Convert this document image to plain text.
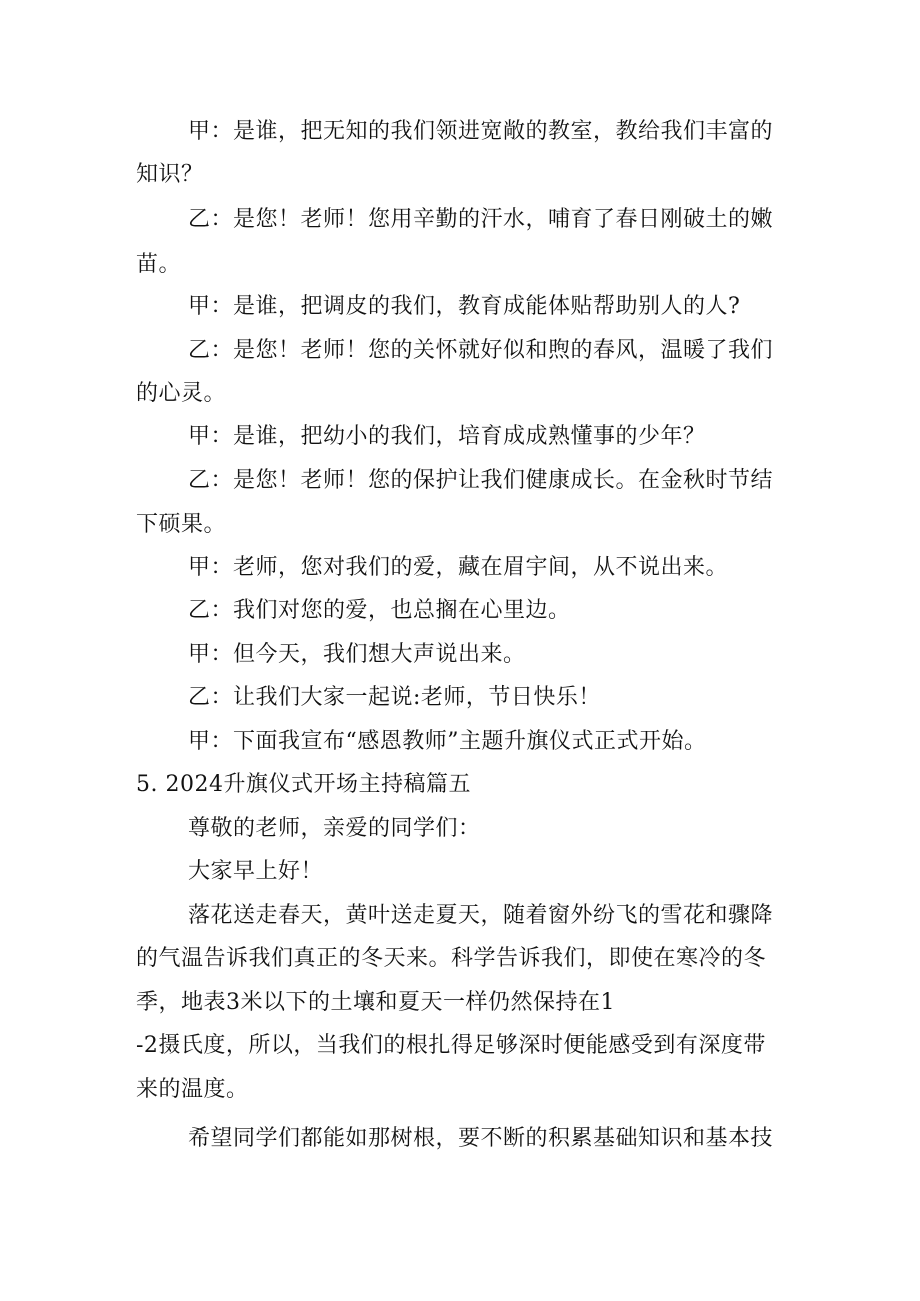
甲：是谁，把无知的我们领进宽敞的教室，教给我们丰富的
知识？
乙：是您！老师！您用辛勤的汗水，哺育了春日刚破土的嫩
苗。
甲：是谁，把调皮的我们，教育成能体贴帮助别人的人?
乙：是您！老师！您的关怀就好似和煦的春风，温暖了我们
的心灵。
甲：是谁，把幼小的我们，培育成成熟懂事的少年？
乙：是您！老师！您的保护让我们健康成长。在金秋时节结
下硕果。
甲：老师，您对我们的爱，藏在眉宇间，从不说出来。
乙：我们对您的爱，也总搁在心里边。
甲：但今天，我们想大声说出来。
乙：让我们大家一起说:老师，节日快乐！
甲：下面我宣布“感恩教师”主题升旗仪式正式开始。
5. 2024升旗仪式开场主持稿篇五
尊敬的老师，亲爱的同学们：
大家早上好！
落花送走春天，黄叶送走夏天，随着窗外纷飞的雪花和骤降
的气温告诉我们真正的冬天来。科学告诉我们，即使在寒冷的冬
季，地表3米以下的土壤和夏天一样仍然保持在1
-2摄氏度，所以，当我们的根扎得足够深时便能感受到有深度带
来的温度。
希望同学们都能如那树根，要不断的积累基础知识和基本技
